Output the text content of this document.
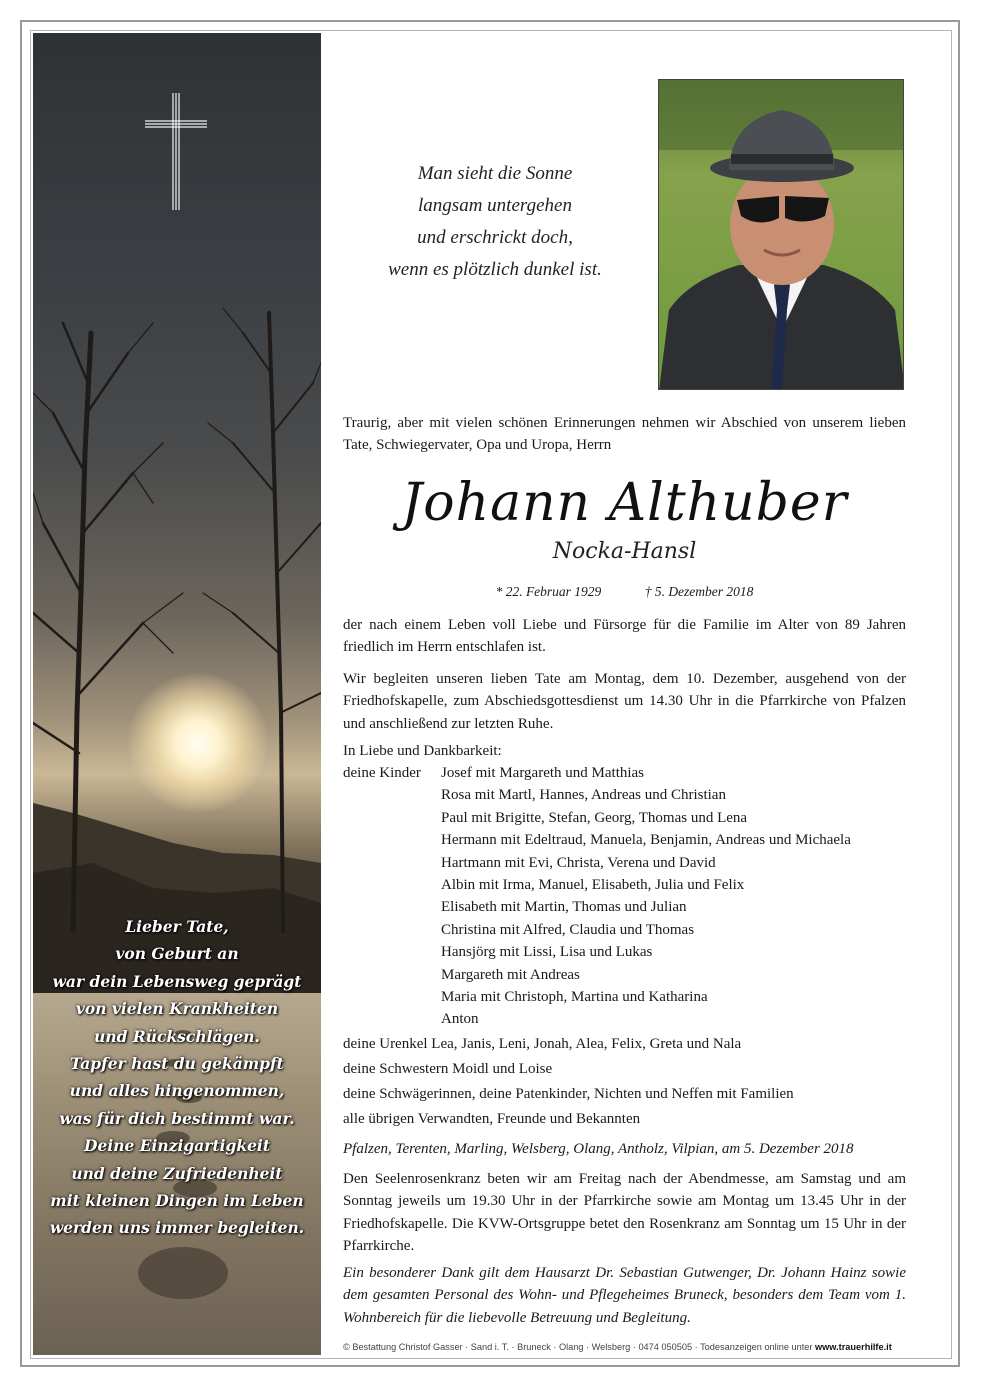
Lieber Tate,
von Geburt an
war dein Lebensweg geprägt
von vielen Krankheiten
und Rückschlägen.
Tapfer hast du gekämpft
und alles hingenommen,
was für dich bestimmt war.
Deine Einzigartigkeit
und deine Zufriedenheit
mit kleinen Dingen im Leben
werden uns immer begleiten.
Man sieht die Sonne
langsam untergehen
und erschrickt doch,
wenn es plötzlich dunkel ist.
Traurig, aber mit vielen schönen Erinnerungen nehmen wir Abschied von unserem lieben Tate, Schwiegervater, Opa und Uropa, Herrn
Johann Althuber
Nocka-Hansl
* 22. Februar 1929	† 5. Dezember 2018
der nach einem Leben voll Liebe und Fürsorge für die Familie im Alter von 89 Jahren friedlich im Herrn entschlafen ist.
Wir begleiten unseren lieben Tate am Montag, dem 10. Dezember, ausgehend von der Friedhofskapelle, zum Abschiedsgottesdienst um 14.30 Uhr in die Pfarrkirche von Pfalzen und anschließend zur letzten Ruhe.
In Liebe und Dankbarkeit:
deine Kinder	Josef mit Margareth und Matthias
Rosa mit Martl, Hannes, Andreas und Christian
Paul mit Brigitte, Stefan, Georg, Thomas und Lena
Hermann mit Edeltraud, Manuela, Benjamin, Andreas und Michaela
Hartmann mit Evi, Christa, Verena und David
Albin mit Irma, Manuel, Elisabeth, Julia und Felix
Elisabeth mit Martin, Thomas und Julian
Christina mit Alfred, Claudia und Thomas
Hansjörg mit Lissi, Lisa und Lukas
Margareth mit Andreas
Maria mit Christoph, Martina und Katharina
Anton
deine Urenkel
Lea, Janis, Leni, Jonah, Alea, Felix, Greta und Nala
deine Schwestern Moidl und Loise
deine Schwägerinnen, deine Patenkinder, Nichten und Neffen mit Familien
alle übrigen Verwandten, Freunde und Bekannten
Pfalzen, Terenten, Marling, Welsberg, Olang, Antholz, Vilpian, am 5. Dezember 2018
Den Seelenrosenkranz beten wir am Freitag nach der Abendmesse, am Samstag und am Sonntag jeweils um 19.30 Uhr in der Pfarrkirche sowie am Montag um 13.45 Uhr in der Friedhofskapelle. Die KVW-Ortsgruppe betet den Rosenkranz am Sonntag um 15 Uhr in der Pfarrkirche.
Ein besonderer Dank gilt dem Hausarzt Dr. Sebastian Gutwenger, Dr. Johann Hainz sowie dem gesamten Personal des Wohn- und Pflegeheimes Bruneck, besonders dem Team vom 1. Wohnbereich für die liebevolle Betreuung und Begleitung.
© Bestattung Christof Gasser · Sand i. T. · Bruneck · Olang · Welsberg · 0474 050505 · Todesanzeigen online unter www.trauerhilfe.it
